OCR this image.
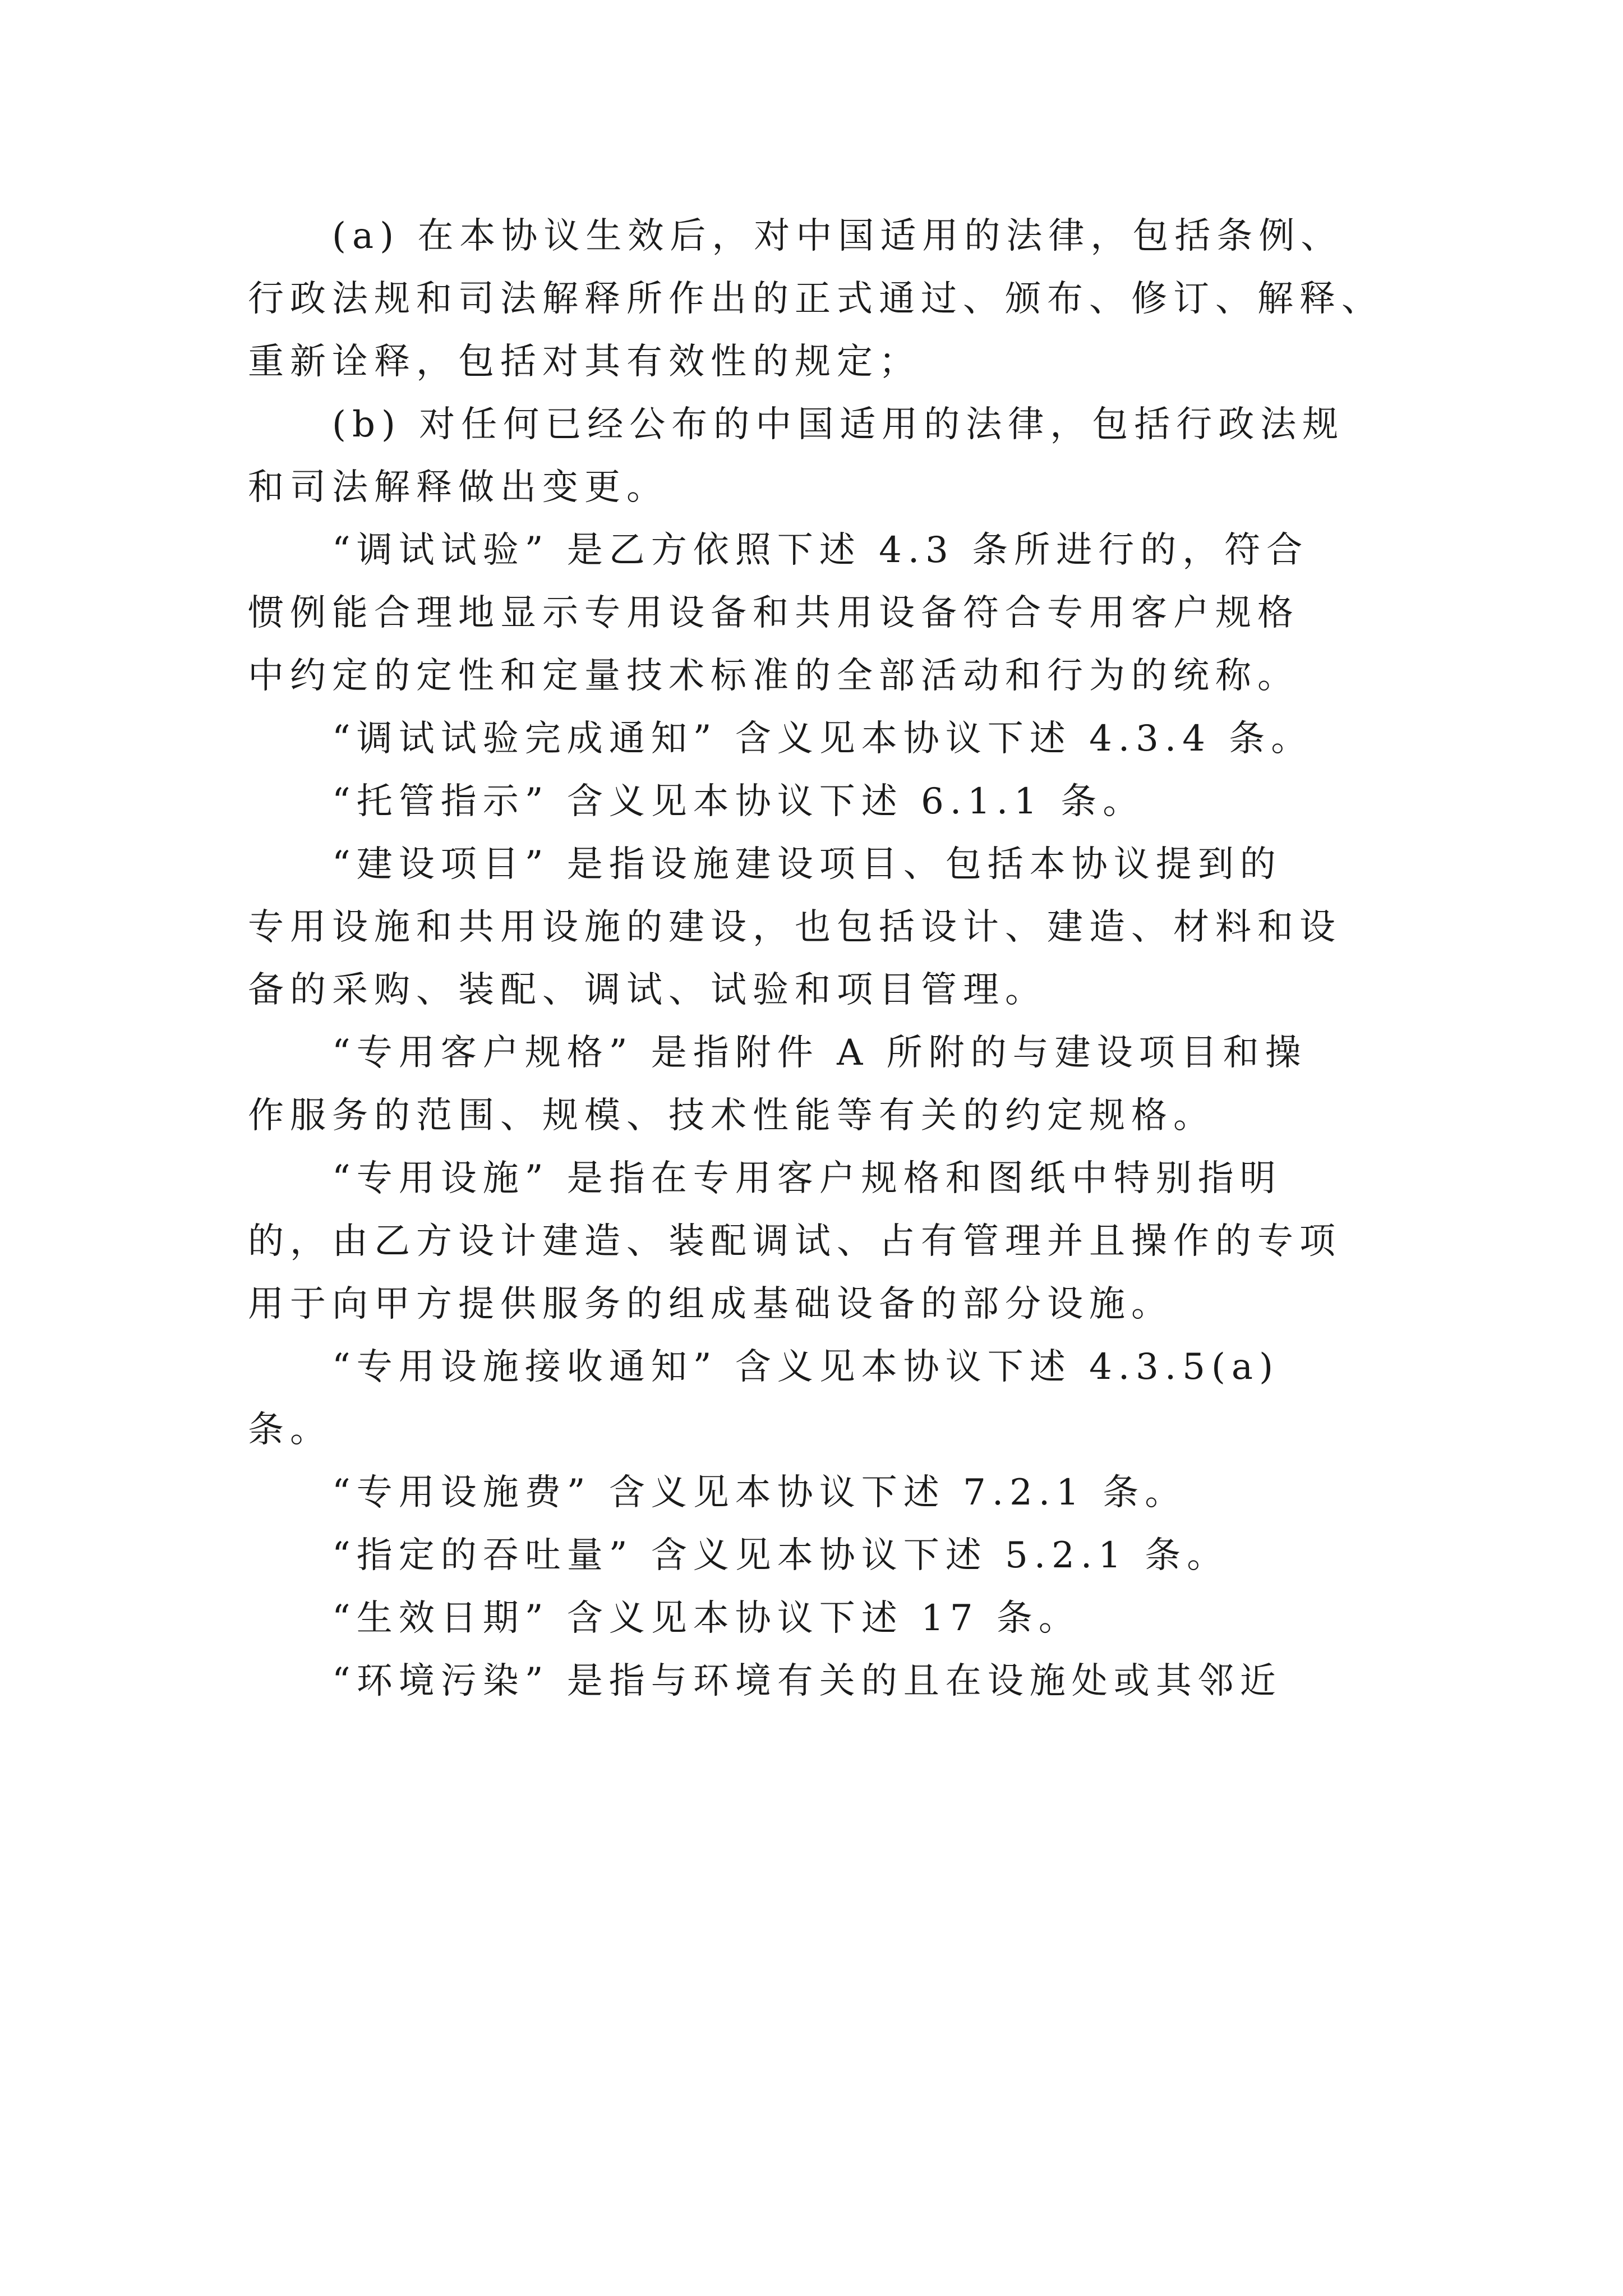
(a) 在本协议生效后，对中国适用的法律，包括条例、
行政法规和司法解释所作出的正式通过、颁布、修订、解释、
重新诠释，包括对其有效性的规定；
(b) 对任何已经公布的中国适用的法律，包括行政法规
和司法解释做出变更。
“调试试验” 是乙方依照下述 4.3 条所进行的，符合
惯例能合理地显示专用设备和共用设备符合专用客户规格
中约定的定性和定量技术标准的全部活动和行为的统称。
“调试试验完成通知” 含义见本协议下述 4.3.4 条。
“托管指示” 含义见本协议下述 6.1.1 条。
“建设项目” 是指设施建设项目、包括本协议提到的
专用设施和共用设施的建设，也包括设计、建造、材料和设
备的采购、装配、调试、试验和项目管理。
“专用客户规格” 是指附件 A 所附的与建设项目和操
作服务的范围、规模、技术性能等有关的约定规格。
“专用设施” 是指在专用客户规格和图纸中特别指明
的，由乙方设计建造、装配调试、占有管理并且操作的专项
用于向甲方提供服务的组成基础设备的部分设施。
“专用设施接收通知” 含义见本协议下述 4.3.5(a)
条。
“专用设施费” 含义见本协议下述 7.2.1 条。
“指定的吞吐量” 含义见本协议下述 5.2.1 条。
“生效日期” 含义见本协议下述 17 条。
“环境污染” 是指与环境有关的且在设施处或其邻近
